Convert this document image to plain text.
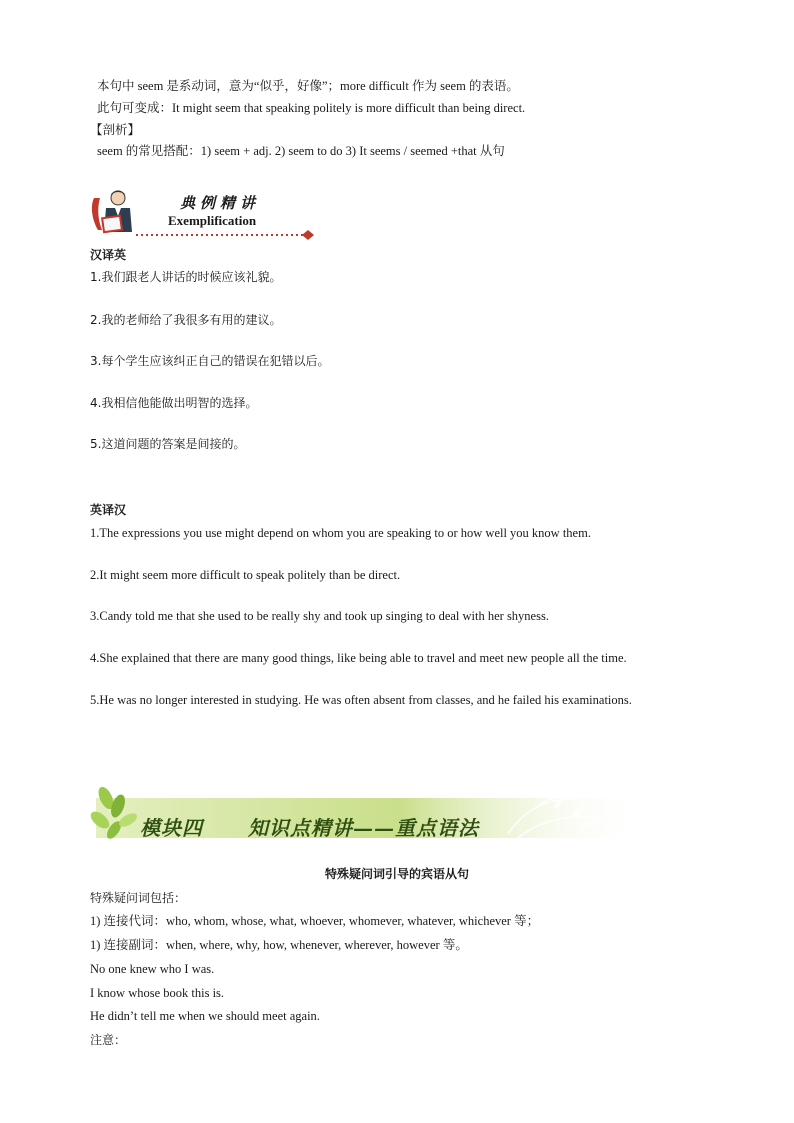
本句中 seem 是系动词，意为“似乎，好像”；more difficult 作为 seem 的表语。
此句可变成：It might seem that speaking politely is more difficult than being direct.
【剖析】
seem 的常见搭配：1) seem + adj. 2) seem to do 3) It seems / seemed +that 从句
典例精讲
Exemplification
汉译英
1.我们跟老人讲话的时候应该礼貌。
2.我的老师给了我很多有用的建议。
3.每个学生应该纠正自己的错误在犯错以后。
4.我相信他能做出明智的选择。
5.这道问题的答案是间接的。
英译汉
1.The expressions you use might depend on whom you are speaking to or how well you know them.
2.It might seem more difficult to speak politely than be direct.
3.Candy told me that she used to be really shy and took up singing to deal with her shyness.
4.She explained that there are many good things, like being able to travel and meet new people all the time.
5.He was no longer interested in studying. He was often absent from classes, and he failed his examinations.
模块四 知识点精讲——重点语法
特殊疑问词引导的宾语从句
特殊疑问词包括：
1) 连接代词：who, whom, whose, what, whoever, whomever, whatever, whichever 等；
1) 连接副词：when, where, why, how, whenever, wherever, however 等。
No one knew who I was.
I know whose book this is.
He didn’t tell me when we should meet again.
注意：
